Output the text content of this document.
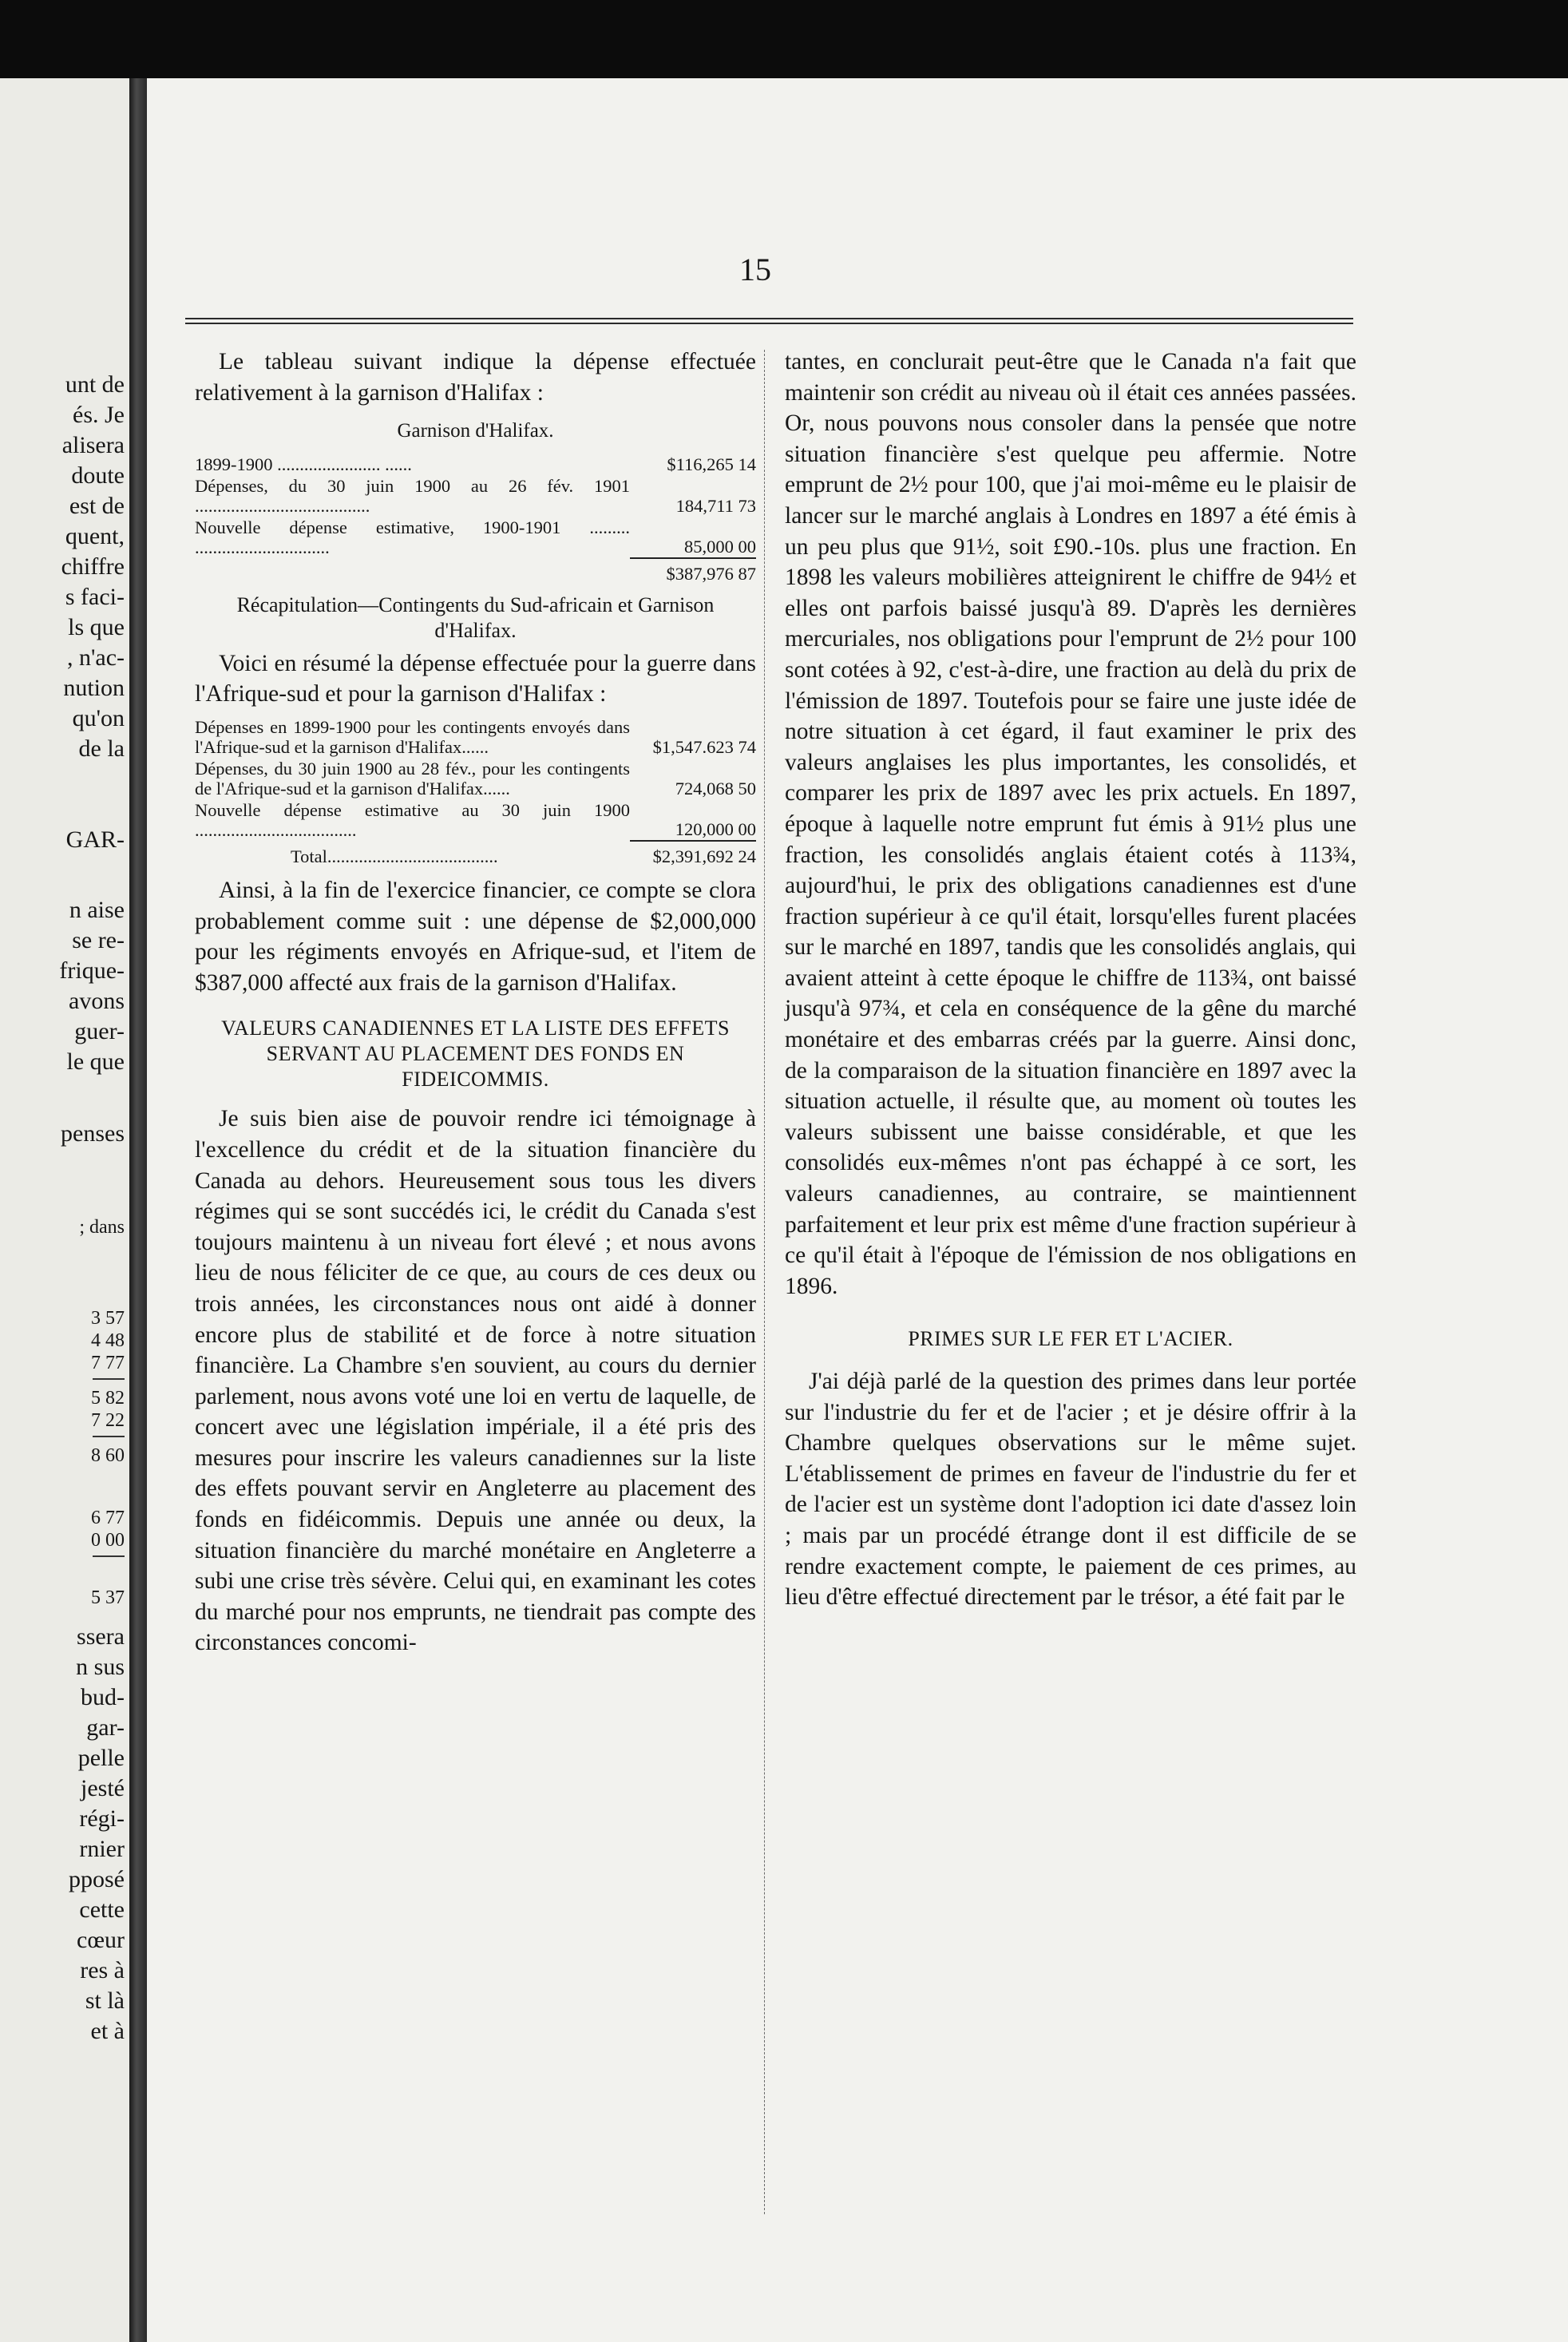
unt de
és. Je
alisera
doute
est de
quent,
chiffre
s faci-
ls que
, n'ac-
nution
qu'on
de la
GAR-
n aise
se re-
frique-
avons
guer-
le que
penses
; dans
3 57
4 48
7 77
5 82
7 22
8 60
6 77
0 00
5 37
ssera
n sus
bud-
gar-
pelle
jesté
régi-
rnier
pposé
cette
cœur
res à
st là
et à
15

Le tableau suivant indique la dépense effectuée relativement à la garnison d'Halifax :

Garnison d'Halifax.
1899-1900 ....................... ......	$116,265 14
Dépenses, du 30 juin 1900 au 26 fév. 1901 .......................................	184,711 73
Nouvelle dépense estimative, 1900-1901 ......... ..............................	85,000 00
	$387,976 87
Récapitulation—Contingents du Sud-africain et Garnison d'Halifax.

Voici en résumé la dépense effectuée pour la guerre dans l'Afrique-sud et pour la garnison d'Halifax :

Dépenses en 1899-1900 pour les contingents envoyés dans l'Afrique-sud et la garnison d'Halifax......	$1,547.623 74
Dépenses, du 30 juin 1900 au 28 fév., pour les contingents de l'Afrique-sud et la garnison d'Halifax......	724,068 50
Nouvelle dépense estimative au 30 juin 1900 ....................................	120,000 00
Total......................................	$2,391,692 24

Ainsi, à la fin de l'exercice financier, ce compte se clora probablement comme suit : une dépense de $2,000,000 pour les régiments envoyés en Afrique-sud, et l'item de $387,000 affecté aux frais de la garnison d'Halifax.

VALEURS CANADIENNES ET LA LISTE DES EFFETS SERVANT AU PLACEMENT DES FONDS EN FIDEICOMMIS.

Je suis bien aise de pouvoir rendre ici témoignage à l'excellence du crédit et de la situation financière du Canada au dehors. Heureusement sous tous les divers régimes qui se sont succédés ici, le crédit du Canada s'est toujours maintenu à un niveau fort élevé ; et nous avons lieu de nous féliciter de ce que, au cours de ces deux ou trois années, les circonstances nous ont aidé à donner encore plus de stabilité et de force à notre situation financière. La Chambre s'en souvient, au cours du dernier parlement, nous avons voté une loi en vertu de laquelle, de concert avec une législation impériale, il a été pris des mesures pour inscrire les valeurs canadiennes sur la liste des effets pouvant servir en Angleterre au placement des fonds en fidéicommis. Depuis une année ou deux, la situation financière du marché monétaire en Angleterre a subi une crise très sévère. Celui qui, en examinant les cotes du marché pour nos emprunts, ne tiendrait pas compte des circonstances concomi-

tantes, en conclurait peut-être que le Canada n'a fait que maintenir son crédit au niveau où il était ces années passées. Or, nous pouvons nous consoler dans la pensée que notre situation financière s'est quelque peu affermie. Notre emprunt de 2½ pour 100, que j'ai moi-même eu le plaisir de lancer sur le marché anglais à Londres en 1897 a été émis à un peu plus que 91½, soit £90.-10s. plus une fraction. En 1898 les valeurs mobilières atteignirent le chiffre de 94½ et elles ont parfois baissé jusqu'à 89. D'après les dernières mercuriales, nos obligations pour l'emprunt de 2½ pour 100 sont cotées à 92, c'est-à-dire, une fraction au delà du prix de l'émission de 1897. Toutefois pour se faire une juste idée de notre situation à cet égard, il faut examiner le prix des valeurs anglaises les plus importantes, les consolidés, et comparer les prix de 1897 avec les prix actuels. En 1897, époque à laquelle notre emprunt fut émis à 91½ plus une fraction, les consolidés anglais étaient cotés à 113¾, aujourd'hui, le prix des obligations canadiennes est d'une fraction supérieur à ce qu'il était, lorsqu'elles furent placées sur le marché en 1897, tandis que les consolidés anglais, qui avaient atteint à cette époque le chiffre de 113¾, ont baissé jusqu'à 97¾, et cela en conséquence de la gêne du marché monétaire et des embarras créés par la guerre. Ainsi donc, de la comparaison de la situation financière en 1897 avec la situation actuelle, il résulte que, au moment où toutes les valeurs subissent une baisse considérable, et que les consolidés eux-mêmes n'ont pas échappé à ce sort, les valeurs canadiennes, au contraire, se maintiennent parfaitement et leur prix est même d'une fraction supérieur à ce qu'il était à l'époque de l'émission de nos obligations en 1896.

PRIMES SUR LE FER ET L'ACIER.

J'ai déjà parlé de la question des primes dans leur portée sur l'industrie du fer et de l'acier ; et je désire offrir à la Chambre quelques observations sur le même sujet. L'établissement de primes en faveur de l'industrie du fer et de l'acier est un système dont l'adoption ici date d'assez loin ; mais par un procédé étrange dont il est difficile de se rendre exactement compte, le paiement de ces primes, au lieu d'être effectué directement par le trésor, a été fait par le
